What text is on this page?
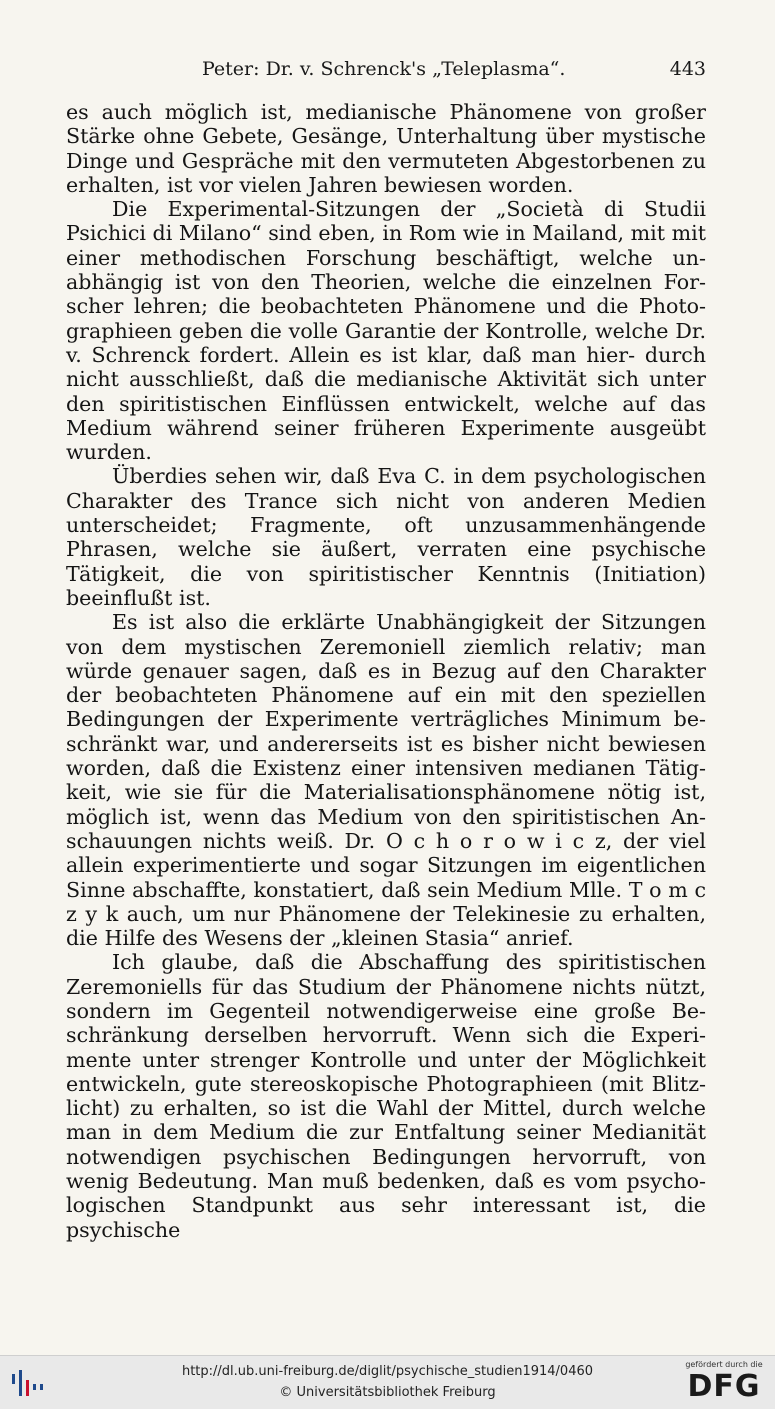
Peter: Dr. v. Schrenck's „Teleplasma“.	443

es auch möglich ist, medianische Phänomene von großer Stärke ohne Gebete, Gesänge, Unterhaltung über mystische Dinge und Gespräche mit den vermuteten Abgestorbenen zu erhalten, ist vor vielen Jahren bewiesen worden.

Die Experimental-Sitzungen der „Società di Studii Psichici di Milano“ sind eben, in Rom wie in Mailand, mit mit einer methodischen Forschung beschäftigt, welche un- abhängig ist von den Theorien, welche die einzelnen For- scher lehren; die beobachteten Phänomene und die Photo- graphieen geben die volle Garantie der Kontrolle, welche Dr. v. Schrenck fordert. Allein es ist klar, daß man hier- durch nicht ausschließt, daß die medianische Aktivität sich unter den spiritistischen Einflüssen entwickelt, welche auf das Medium während seiner früheren Experimente ausgeübt wurden.

Überdies sehen wir, daß Eva C. in dem psychologischen Charakter des Trance sich nicht von anderen Medien unterscheidet; Fragmente, oft unzusammenhängende Phrasen, welche sie äußert, verraten eine psychische Tätigkeit, die von spiritistischer Kenntnis (Initiation) beeinflußt ist.

Es ist also die erklärte Unabhängigkeit der Sitzungen von dem mystischen Zeremoniell ziemlich relativ; man würde genauer sagen, daß es in Bezug auf den Charakter der beobachteten Phänomene auf ein mit den speziellen Bedingungen der Experimente verträgliches Minimum be- schränkt war, und andererseits ist es bisher nicht bewiesen worden, daß die Existenz einer intensiven medianen Tätig- keit, wie sie für die Materialisationsphänomene nötig ist, möglich ist, wenn das Medium von den spiritistischen An- schauungen nichts weiß. Dr. O c h o r o w i c z, der viel allein experimentierte und sogar Sitzungen im eigentlichen Sinne abschaffte, konstatiert, daß sein Medium Mlle. T o m c z y k auch, um nur Phänomene der Telekinesie zu erhalten, die Hilfe des Wesens der „kleinen Stasia“ anrief.

Ich glaube, daß die Abschaffung des spiritistischen Zeremoniells für das Studium der Phänomene nichts nützt, sondern im Gegenteil notwendigerweise eine große Be- schränkung derselben hervorruft. Wenn sich die Experi- mente unter strenger Kontrolle und unter der Möglichkeit entwickeln, gute stereoskopische Photographieen (mit Blitz- licht) zu erhalten, so ist die Wahl der Mittel, durch welche man in dem Medium die zur Entfaltung seiner Medianität notwendigen psychischen Bedingungen hervorruft, von wenig Bedeutung. Man muß bedenken, daß es vom psycho- logischen Standpunkt aus sehr interessant ist, die psychische

http://dl.ub.uni-freiburg.de/diglit/psychische_studien1914/0460
© Universitätsbibliothek Freiburg
gefördert durch die
DFG
